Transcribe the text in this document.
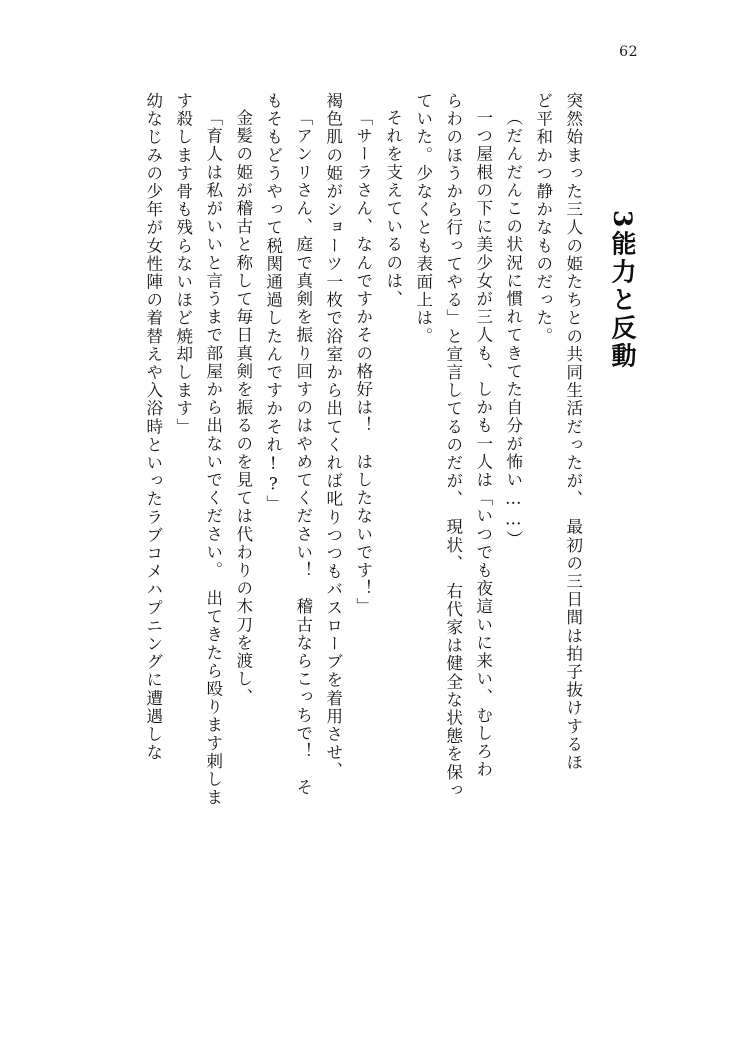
62
3能力と反動
突然始まった三人の姫たちとの共同生活だったが、　最初の三日間は拍子抜けするほ
ど平和かつ静かなものだった。
（だんだんこの状況に慣れてきてた自分が怖い……）
一つ屋根の下に美少女が三人も、しかも一人は「いつでも夜這いに来い、むしろわ
らわのほうから行ってやる」と宣言してるのだが、　現状、　右代家は健全な状態を保っ
ていた。少なくとも表面上は。
それを支えているのは、
「サーラさん、なんですかその格好は！　はしたないです！」
褐色肌の姫がショーツ一枚で浴室から出てくれば叱りつつもバスローブを着用させ、
「アンリさん、庭で真剣を振り回すのはやめてください！　稽古ならこっちで！　そ
もそもどうやって税関通過したんですかそれ!?」
金髪の姫が稽古と称して毎日真剣を振るのを見ては代わりの木刀を渡し、
「育人は私がいいと言うまで部屋から出ないでください。　出てきたら殴ります刺しま
す殺します骨も残らないほど焼却します」
幼なじみの少年が女性陣の着替えや入浴時といったラブコメハプニングに遭遇しな
